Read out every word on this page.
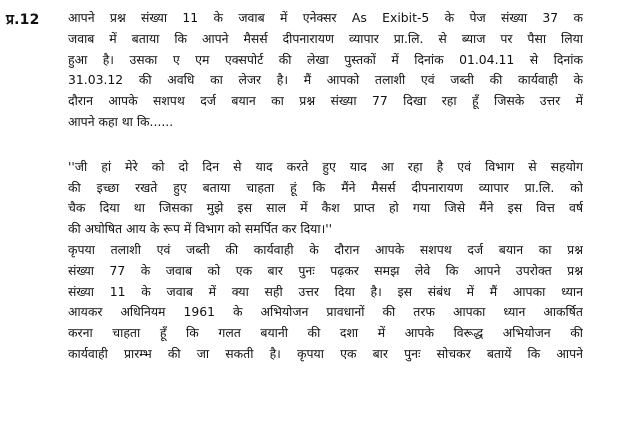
प्र.12 आपने प्रश्न संख्या 11 के जवाब में एनेक्सर As Exibit-5 के पेज संख्या 37 क
जवाब में बताया कि आपने मैसर्स दीपनारायण व्यापार प्रा.लि. से ब्याज पर पैसा लिया
हुआ है। उसका ए एम एक्सपोर्ट की लेखा पुस्तकों में दिनांक 01.04.11 से दिनांक
31.03.12 की अवधि का लेजर है। मैं आपको तलाशी एवं जब्ती की कार्यवाही के
दौरान आपके सशपथ दर्ज बयान का प्रश्न संख्या 77 दिखा रहा हूँ जिसके उत्तर में
आपने कहा था कि......
''जी हां मेरे को दो दिन से याद करते हुए याद आ रहा है एवं विभाग से सहयोग
की इच्छा रखते हुए बताया चाहता हूं कि मैंने मैसर्स दीपनारायण व्यापार प्रा.लि. को
चैक दिया था जिसका मुझे इस साल में कैश प्राप्त हो गया जिसे मैंने इस वित्त वर्ष
की अघोषित आय के रूप में विभाग को समर्पित कर दिया।''
कृपया तलाशी एवं जब्ती की कार्यवाही के दौरान आपके सशपथ दर्ज बयान का प्रश्न
संख्या 77 के जवाब को एक बार पुनः पढ़कर समझ लेवे कि आपने उपरोक्त प्रश्न
संख्या 11 के जवाब में क्या सही उत्तर दिया है। इस संबंध में मैं आपका ध्यान
आयकर अधिनियम 1961 के अभियोजन प्रावधानों की तरफ आपका ध्यान आकर्षित
करना चाहता हूँ कि गलत बयानी की दशा में आपके विरूद्ध अभियोजन की
कार्यवाही प्रारम्भ की जा सकती है। कृपया एक बार पुनः सोचकर बतायें कि आपने
